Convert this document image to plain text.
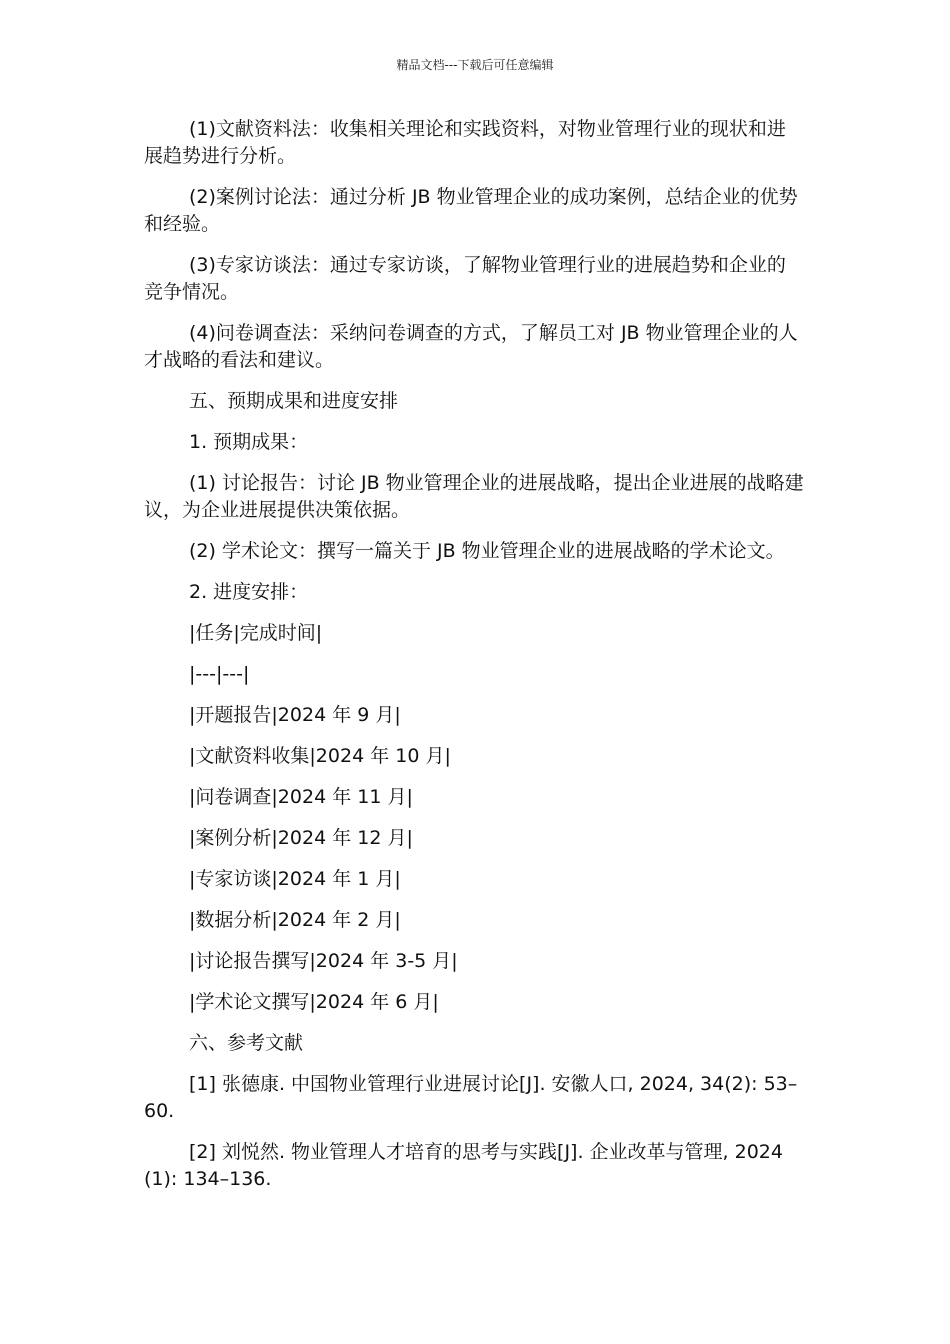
精品文档---下载后可任意编辑

(1)文献资料法：收集相关理论和实践资料，对物业管理行业的现状和进展趋势进行分析。

(2)案例讨论法：通过分析 JB 物业管理企业的成功案例，总结企业的优势和经验。

(3)专家访谈法：通过专家访谈，了解物业管理行业的进展趋势和企业的竞争情况。

(4)问卷调查法：采纳问卷调查的方式，了解员工对 JB 物业管理企业的人才战略的看法和建议。

五、预期成果和进度安排

1. 预期成果：

(1) 讨论报告：讨论 JB 物业管理企业的进展战略，提出企业进展的战略建议，为企业进展提供决策依据。

(2) 学术论文：撰写一篇关于 JB 物业管理企业的进展战略的学术论文。

2. 进度安排：

|任务|完成时间|

|---|---|

|开题报告|2024 年 9 月|

|文献资料收集|2024 年 10 月|

|问卷调查|2024 年 11 月|

|案例分析|2024 年 12 月|

|专家访谈|2024 年 1 月|

|数据分析|2024 年 2 月|

|讨论报告撰写|2024 年 3-5 月|

|学术论文撰写|2024 年 6 月|

六、参考文献

[1] 张德康. 中国物业管理行业进展讨论[J]. 安徽人口, 2024, 34(2): 53–60.

[2] 刘悦然. 物业管理人才培育的思考与实践[J]. 企业改革与管理, 2024(1): 134–136.
